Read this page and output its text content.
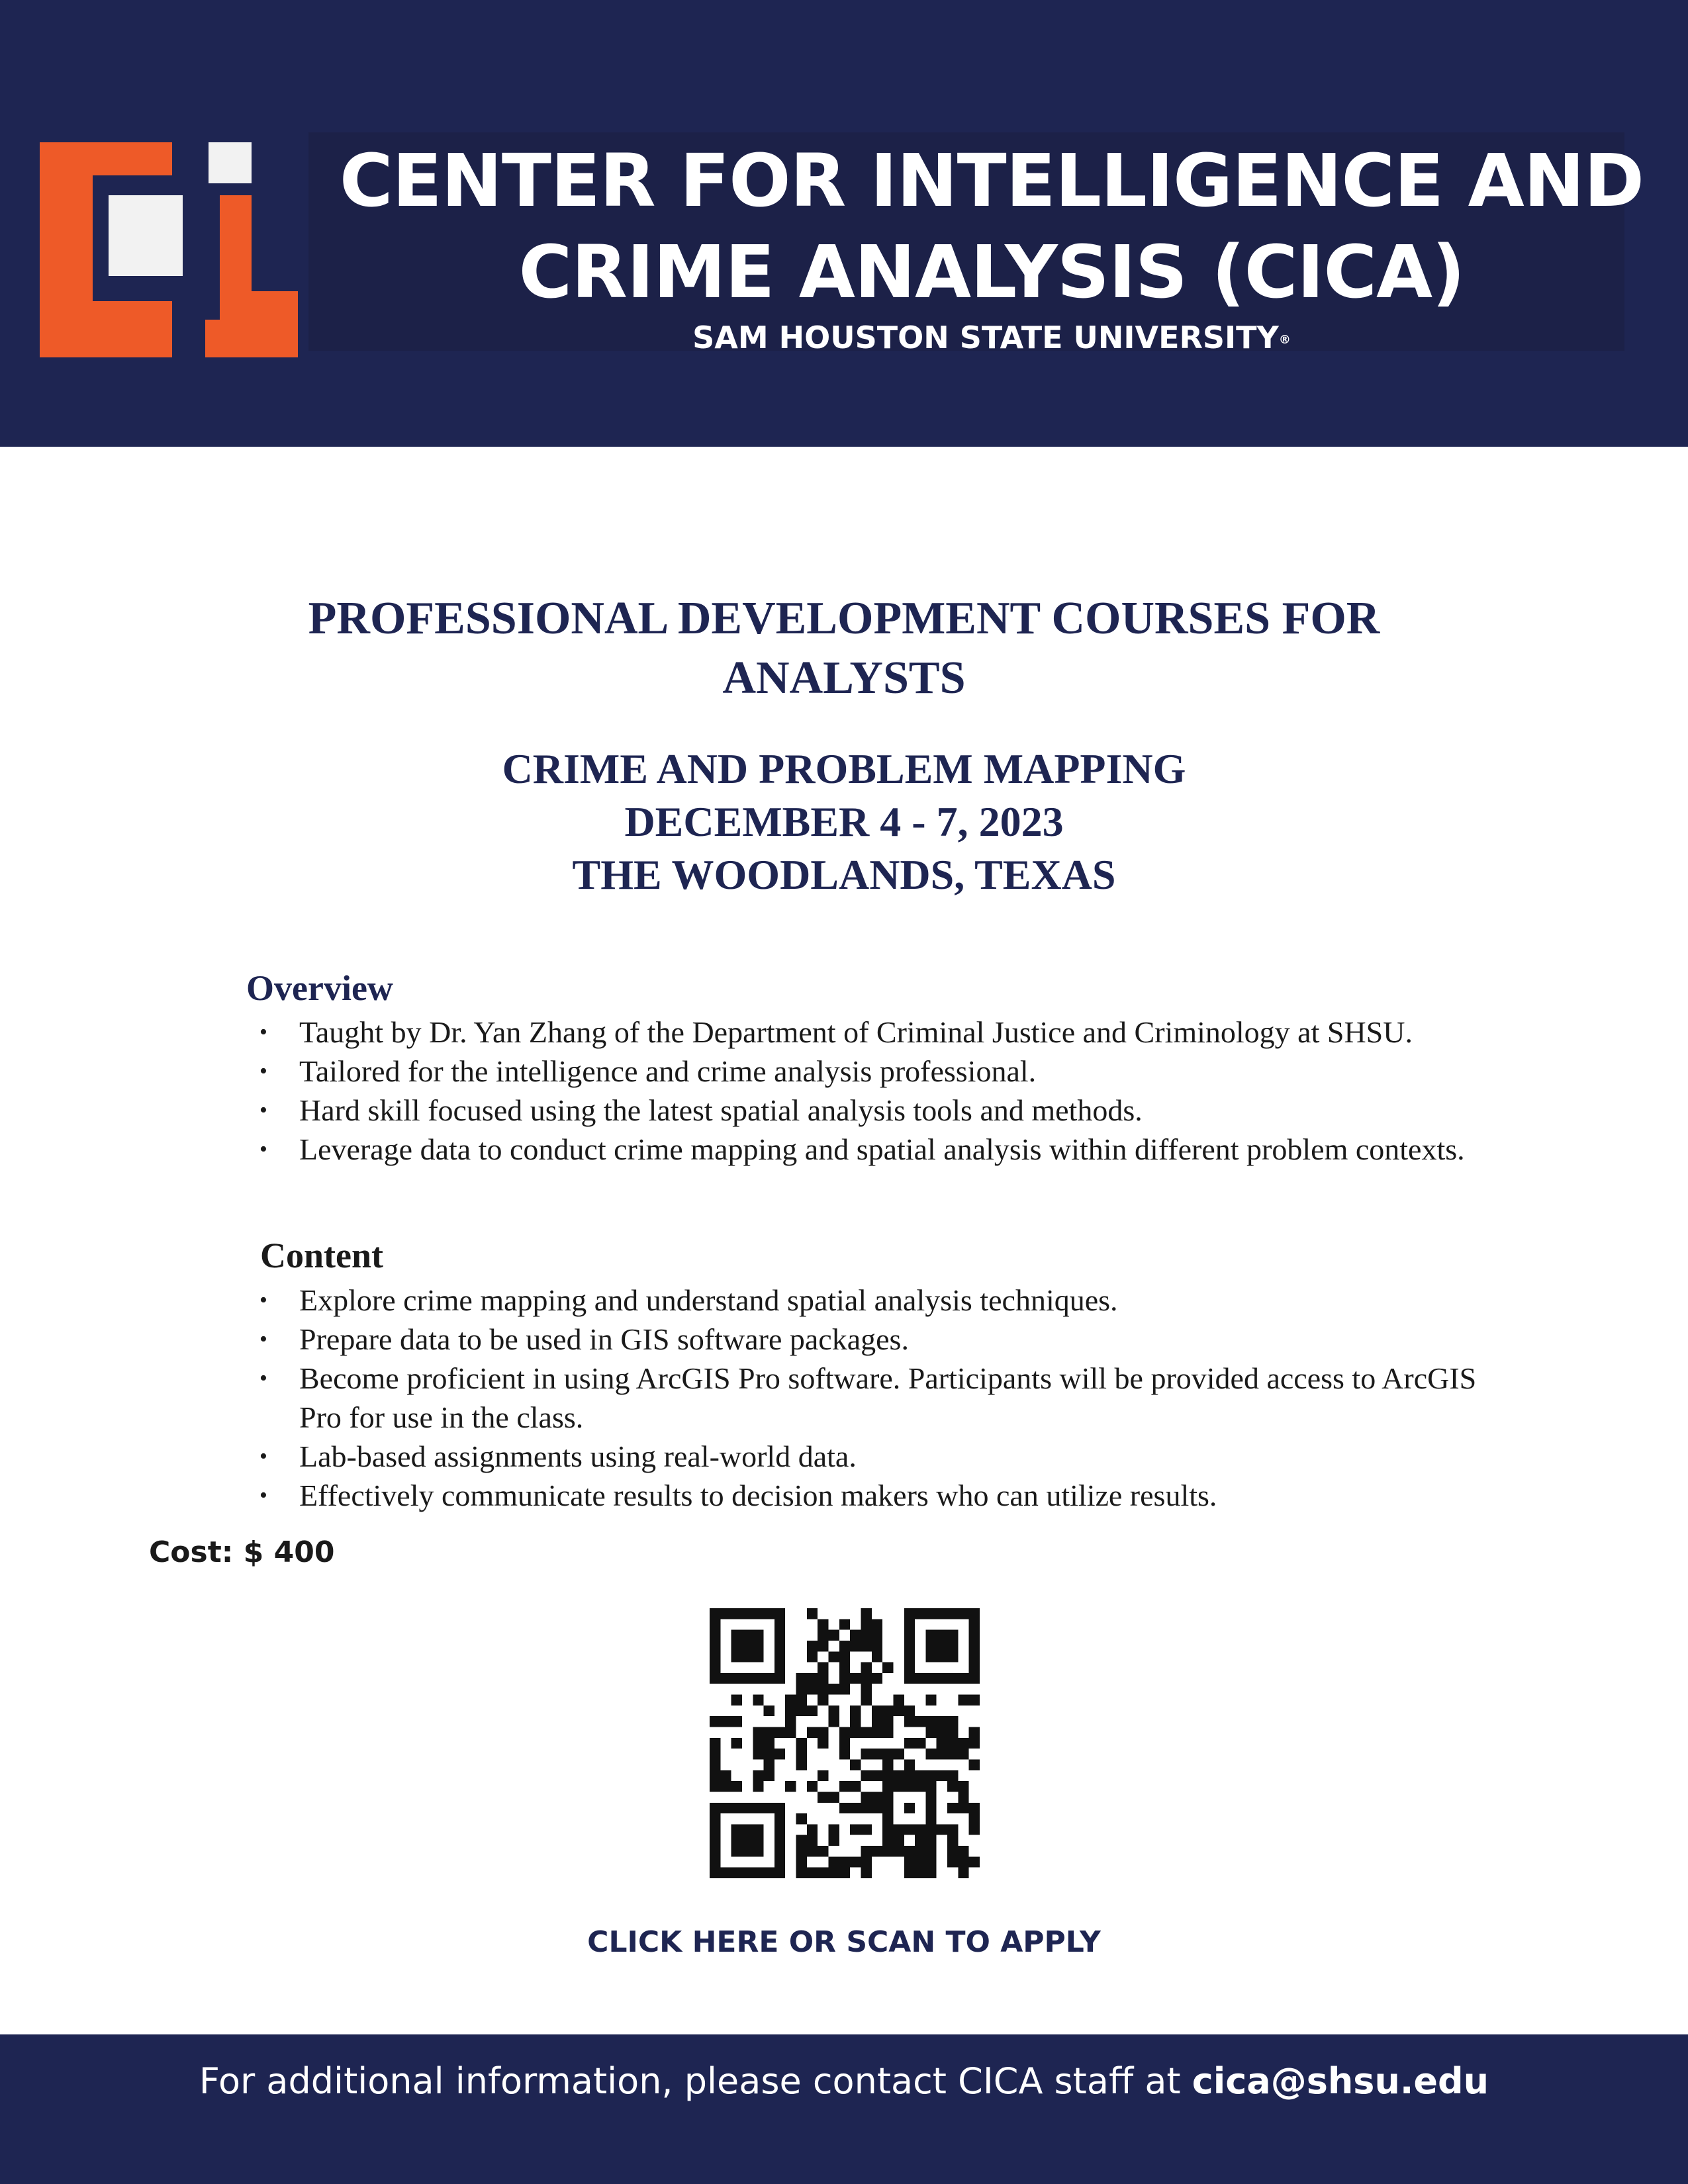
CENTER FOR INTELLIGENCE AND
CRIME ANALYSIS (CICA)
SAM HOUSTON STATE UNIVERSITY®
PROFESSIONAL DEVELOPMENT COURSES FOR
ANALYSTS
CRIME AND PROBLEM MAPPING
DECEMBER 4 - 7, 2023
THE WOODLANDS, TEXAS
Overview
• Taught by Dr. Yan Zhang of the Department of Criminal Justice and Criminology at SHSU.
• Tailored for the intelligence and crime analysis professional.
• Hard skill focused using the latest spatial analysis tools and methods.
• Leverage data to conduct crime mapping and spatial analysis within different problem contexts.
Content
• Explore crime mapping and understand spatial analysis techniques.
• Prepare data to be used in GIS software packages.
• Become proficient in using ArcGIS Pro software. Participants will be provided access to ArcGIS Pro for use in the class.
• Lab-based assignments using real-world data.
• Effectively communicate results to decision makers who can utilize results.
Cost: $ 400
CLICK HERE OR SCAN TO APPLY
For additional information, please contact CICA staff at cica@shsu.edu
